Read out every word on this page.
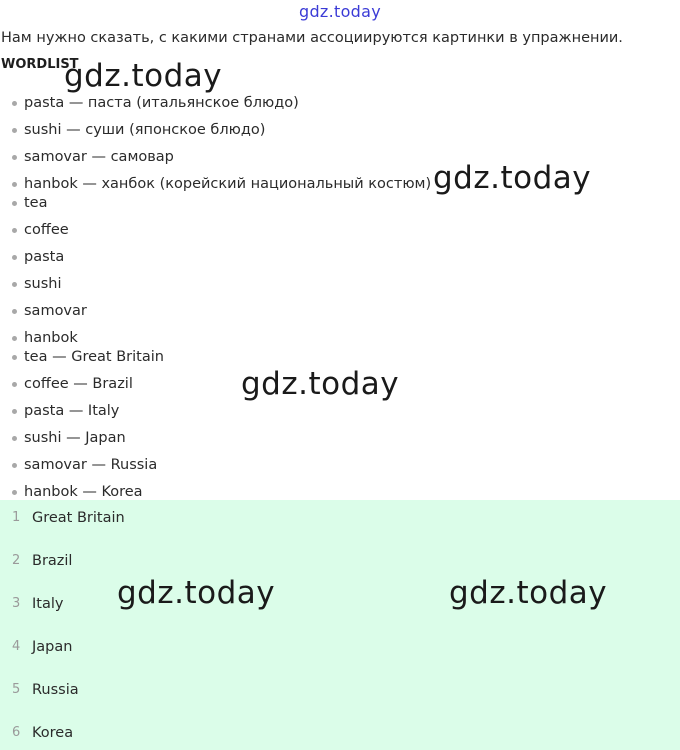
gdz.today
Нам нужно сказать, с какими странами ассоциируются картинки в упражнении.
WORDLIST
pasta — паста (итальянское блюдо)
sushi — суши (японское блюдо)
samovar — самовар
hanbok — ханбок (корейский национальный костюм)
tea
coffee
pasta
sushi
samovar
hanbok
tea — Great Britain
coffee — Brazil
pasta — Italy
sushi — Japan
samovar — Russia
hanbok — Korea
1 Great Britain
2 Brazil
3 Italy
4 Japan
5 Russia
6 Korea
gdz.today
gdz.today
gdz.today
gdz.today	gdz.today
